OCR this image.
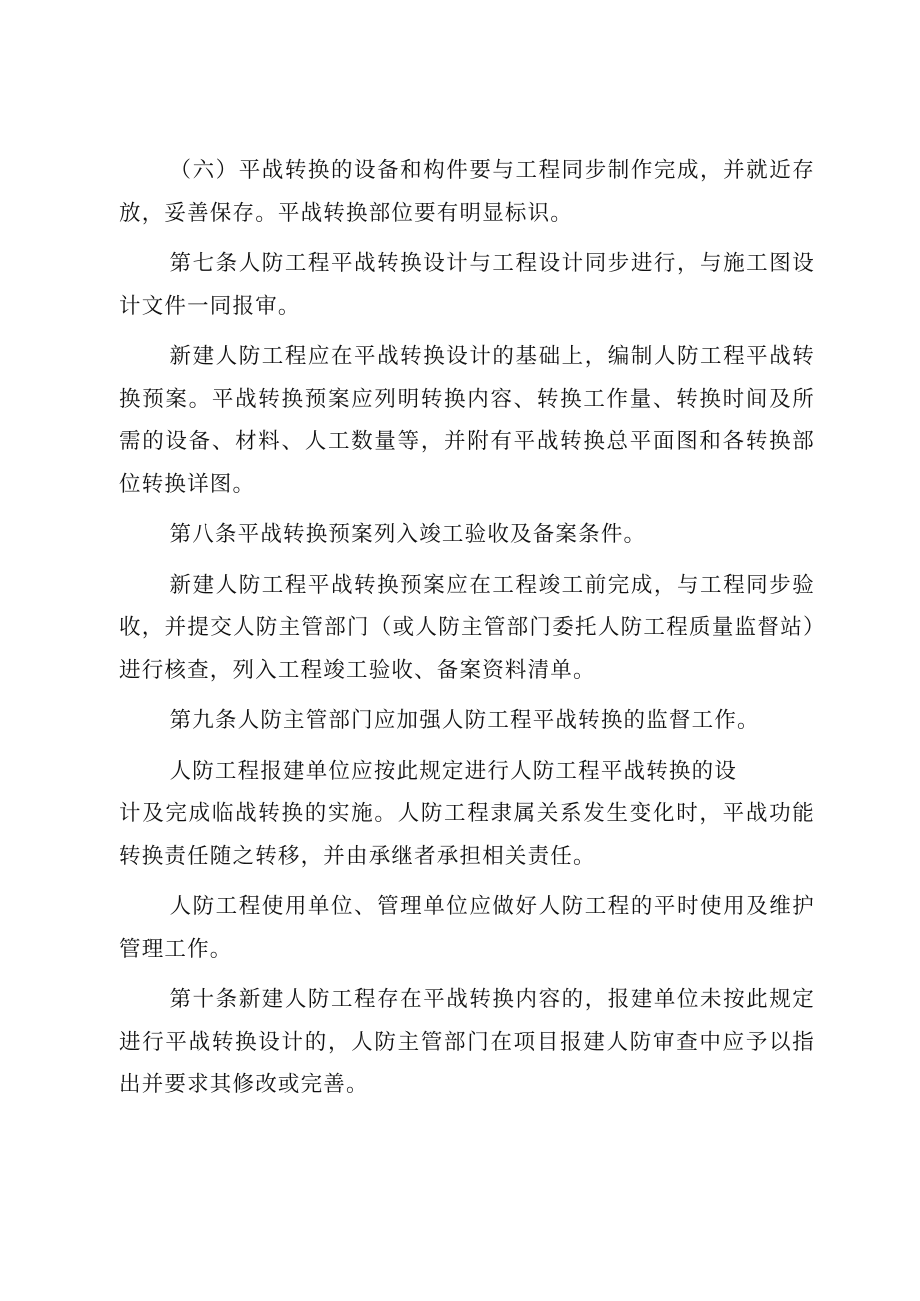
（六）平战转换的设备和构件要与工程同步制作完成，并就近存放，妥善保存。平战转换部位要有明显标识。

第七条人防工程平战转换设计与工程设计同步进行，与施工图设计文件一同报审。

新建人防工程应在平战转换设计的基础上，编制人防工程平战转换预案。平战转换预案应列明转换内容、转换工作量、转换时间及所需的设备、材料、人工数量等，并附有平战转换总平面图和各转换部位转换详图。

第八条平战转换预案列入竣工验收及备案条件。

新建人防工程平战转换预案应在工程竣工前完成，与工程同步验收，并提交人防主管部门（或人防主管部门委托人防工程质量监督站）进行核查，列入工程竣工验收、备案资料清单。

第九条人防主管部门应加强人防工程平战转换的监督工作。

人防工程报建单位应按此规定进行人防工程平战转换的设

计及完成临战转换的实施。人防工程隶属关系发生变化时，平战功能转换责任随之转移，并由承继者承担相关责任。

人防工程使用单位、管理单位应做好人防工程的平时使用及维护管理工作。

第十条新建人防工程存在平战转换内容的，报建单位未按此规定进行平战转换设计的，人防主管部门在项目报建人防审查中应予以指出并要求其修改或完善。
